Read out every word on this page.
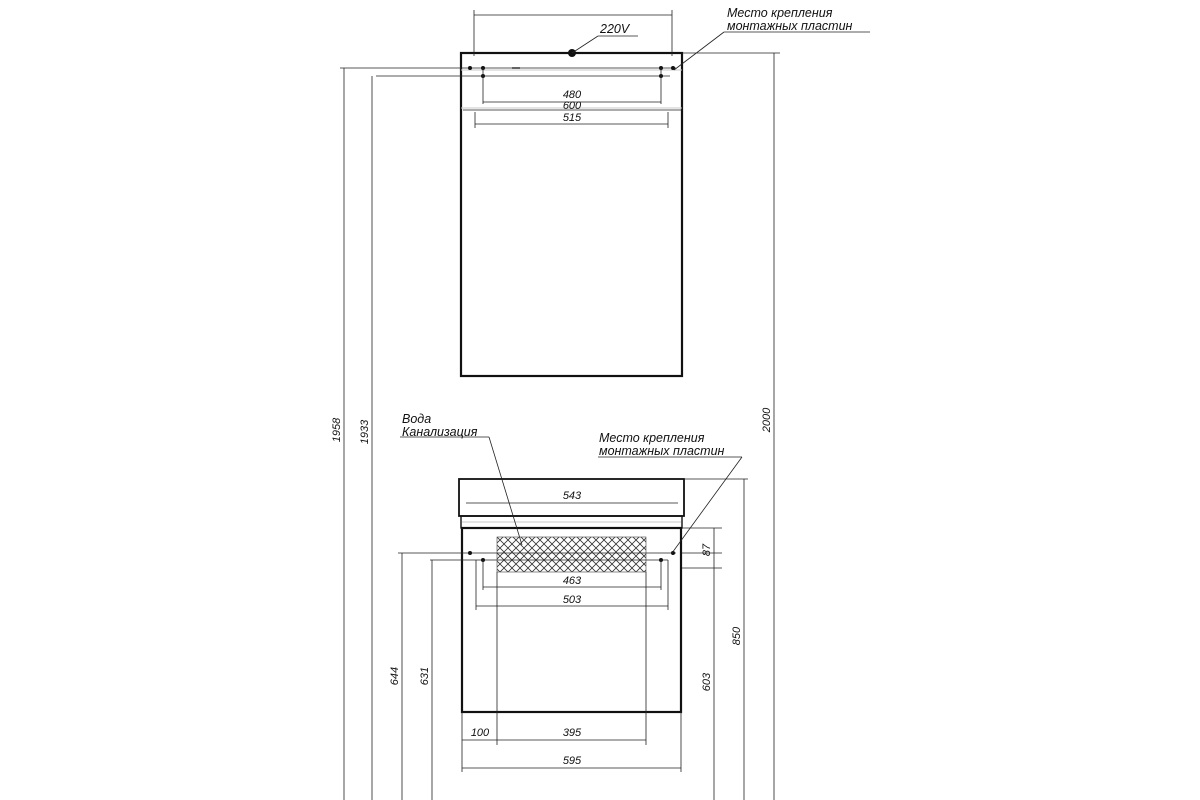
220V
Место крепления
монтажных пластин
480
600
515
Вода
Канализация
543
Место крепления
монтажных пластин
463
503
87
100	395
595
1958 1933	2000
644 631	603
850
